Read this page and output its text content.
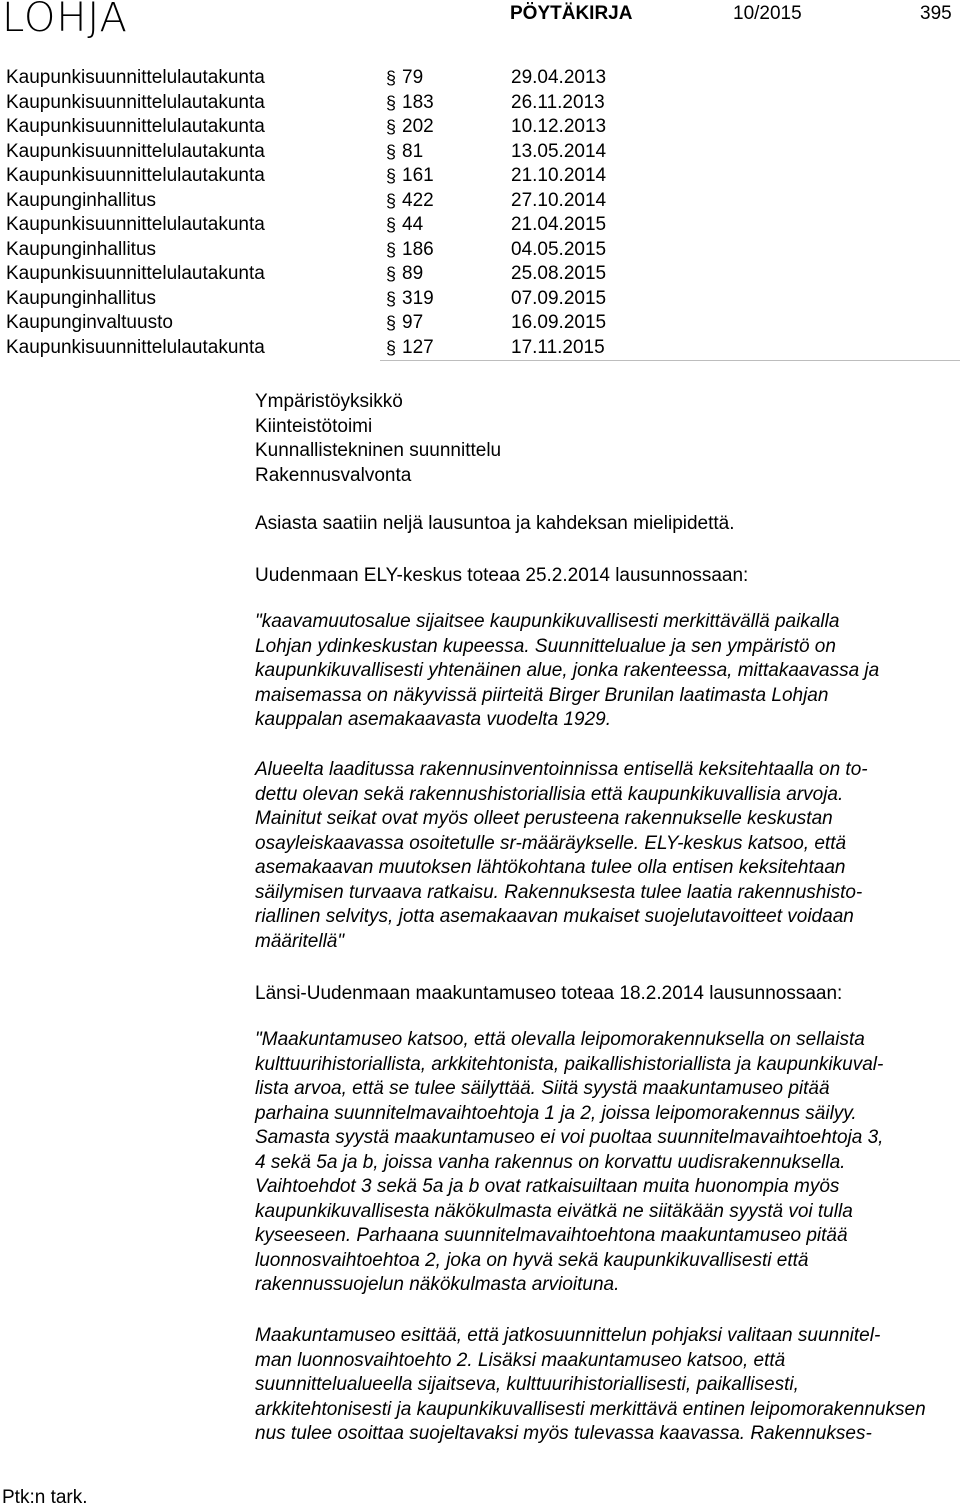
LOHJA	PÖYTÄKIRJA	10/2015	395
Kaupunkisuunnittelulautakunta	§ 79	29.04.2013
Kaupunkisuunnittelulautakunta	§ 183	26.11.2013
Kaupunkisuunnittelulautakunta	§ 202	10.12.2013
Kaupunkisuunnittelulautakunta	§ 81	13.05.2014
Kaupunkisuunnittelulautakunta	§ 161	21.10.2014
Kaupunginhallitus	§ 422	27.10.2014
Kaupunkisuunnittelulautakunta	§ 44	21.04.2015
Kaupunginhallitus	§ 186	04.05.2015
Kaupunkisuunnittelulautakunta	§ 89	25.08.2015
Kaupunginhallitus	§ 319	07.09.2015
Kaupunginvaltuusto	§ 97	16.09.2015
Kaupunkisuunnittelulautakunta	§ 127	17.11.2015
Ympäristöyksikkö
Kiinteistötoimi
Kunnallistekninen suunnittelu
Rakennusvalvonta
Asiasta saatiin neljä lausuntoa ja kahdeksan mielipidettä.
Uudenmaan ELY-keskus toteaa 25.2.2014 lausunnossaan:
"kaavamuutosalue sijaitsee kaupunkikuvallisesti merkittävällä paikalla
Lohjan ydinkeskustan kupeessa. Suunnittelualue ja sen ympäristö on
kaupunkikuvallisesti yhtenäinen alue, jonka rakenteessa, mittakaavassa ja
maisemassa on näkyvissä piirteitä Birger Brunilan laatimasta Lohjan
kauppalan asemakaavasta vuodelta 1929.
Alueelta laaditussa rakennusinventoinnissa entisellä keksitehtaalla on to-
dettu olevan sekä rakennushistoriallisia että kaupunkikuvallisia arvoja.
Mainitut seikat ovat myös olleet perusteena rakennukselle keskustan
osayleiskaavassa osoitetulle sr-määräykselle. ELY-keskus katsoo, että
asemakaavan muutoksen lähtökohtana tulee olla entisen keksitehtaan
säilymisen turvaava ratkaisu. Rakennuksesta tulee laatia rakennushisto-
riallinen selvitys, jotta asemakaavan mukaiset suojelutavoitteet voidaan
määritellä"
Länsi-Uudenmaan maakuntamuseo toteaa 18.2.2014 lausunnossaan:
"Maakuntamuseo katsoo, että olevalla leipomorakennuksella on sellaista
kulttuurihistoriallista, arkkitehtonista, paikallishistoriallista ja kaupunkikuval-
lista arvoa, että se tulee säilyttää. Siitä syystä maakuntamuseo pitää
parhaina suunnitelmavaihtoehtoja 1 ja 2, joissa leipomorakennus säilyy.
Samasta syystä maakuntamuseo ei voi puoltaa suunnitelmavaihtoehtoja 3,
4 sekä 5a ja b, joissa vanha rakennus on korvattu uudisrakennuksella.
Vaihtoehdot 3 sekä 5a ja b ovat ratkaisuiltaan muita huonompia myös
kaupunkikuvallisesta näkökulmasta eivätkä ne siitäkään syystä voi tulla
kyseeseen. Parhaana suunnitelmavaihtoehtona maakuntamuseo pitää
luonnosvaihtoehtoa 2, joka on hyvä sekä kaupunkikuvallisesti että
rakennussuojelun näkökulmasta arvioituna.
Maakuntamuseo esittää, että jatkosuunnittelun pohjaksi valitaan suunnitel-
man luonnosvaihtoehto 2. Lisäksi maakuntamuseo katsoo, että
suunnittelualueella sijaitseva, kulttuurihistoriallisesti, paikallisesti,
arkkitehtonisesti ja kaupunkikuvallisesti merkittävä entinen leipomorakennuksen
nus tulee osoittaa suojeltavaksi myös tulevassa kaavassa. Rakennukses-
Ptk:n tark.
